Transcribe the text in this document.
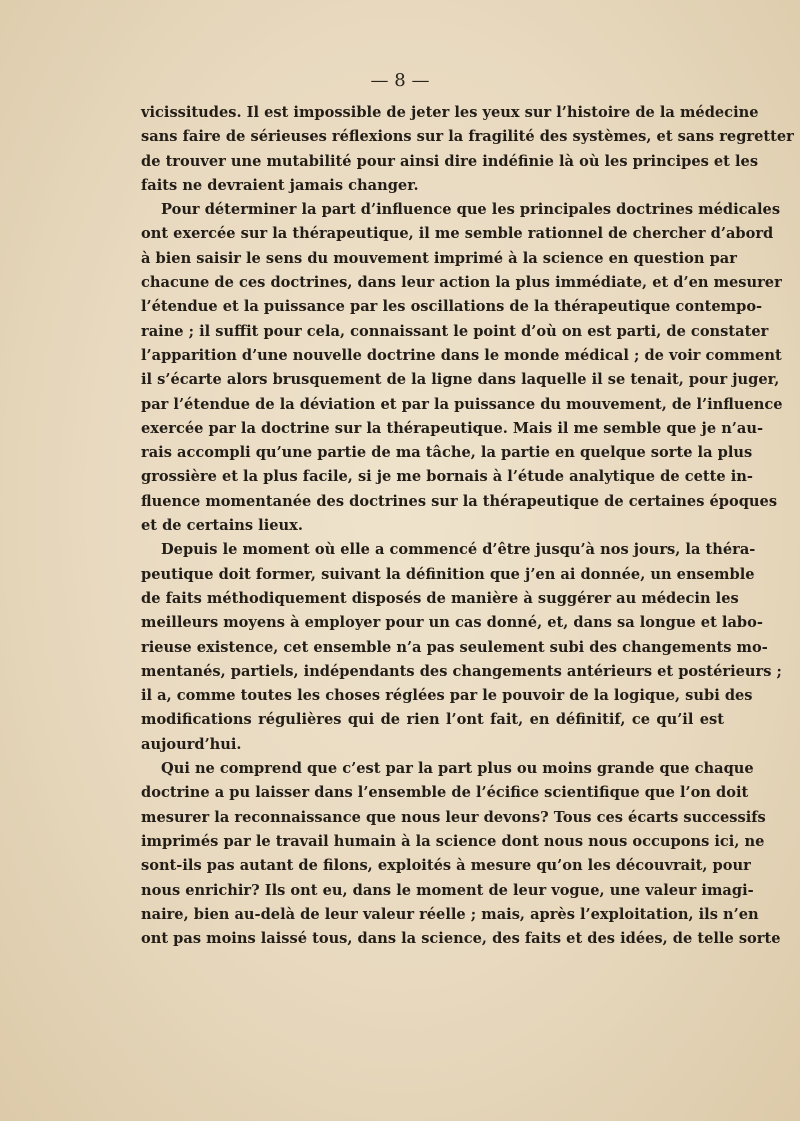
— 8 —
vicissitudes. Il est impossible de jeter les yeux sur l’histoire de la médecine
sans faire de sérieuses réflexions sur la fragilité des systèmes, et sans regretter
de trouver une mutabilité pour ainsi dire indéfinie là où les principes et les
faits ne devraient jamais changer.
Pour déterminer la part d’influence que les principales doctrines médicales
ont exercée sur la thérapeutique, il me semble rationnel de chercher d’abord
à bien saisir le sens du mouvement imprimé à la science en question par
chacune de ces doctrines, dans leur action la plus immédiate, et d’en mesurer
l’étendue et la puissance par les oscillations de la thérapeutique contempo-
raine ; il suffit pour cela, connaissant le point d’où on est parti, de constater
l’apparition d’une nouvelle doctrine dans le monde médical ; de voir comment
il s’écarte alors brusquement de la ligne dans laquelle il se tenait, pour juger,
par l’étendue de la déviation et par la puissance du mouvement, de l’influence
exercée par la doctrine sur la thérapeutique. Mais il me semble que je n’au-
rais accompli qu’une partie de ma tâche, la partie en quelque sorte la plus
grossière et la plus facile, si je me bornais à l’étude analytique de cette in-
fluence momentanée des doctrines sur la thérapeutique de certaines époques
et de certains lieux.
Depuis le moment où elle a commencé d’être jusqu’à nos jours, la théra-
peutique doit former, suivant la définition que j’en ai donnée, un ensemble
de faits méthodiquement disposés de manière à suggérer au médecin les
meilleurs moyens à employer pour un cas donné, et, dans sa longue et labo-
rieuse existence, cet ensemble n’a pas seulement subi des changements mo-
mentanés, partiels, indépendants des changements antérieurs et postérieurs ;
il a, comme toutes les choses réglées par le pouvoir de la logique, subi des
modifications régulières qui de rien l’ont fait, en définitif, ce qu’il est
aujourd’hui.
Qui ne comprend que c’est par la part plus ou moins grande que chaque
doctrine a pu laisser dans l’ensemble de l’écifice scientifique que l’on doit
mesurer la reconnaissance que nous leur devons? Tous ces écarts successifs
imprimés par le travail humain à la science dont nous nous occupons ici, ne
sont-ils pas autant de filons, exploités à mesure qu’on les découvrait, pour
nous enrichir? Ils ont eu, dans le moment de leur vogue, une valeur imagi-
naire, bien au-delà de leur valeur réelle ; mais, après l’exploitation, ils n’en
ont pas moins laissé tous, dans la science, des faits et des idées, de telle sorte
